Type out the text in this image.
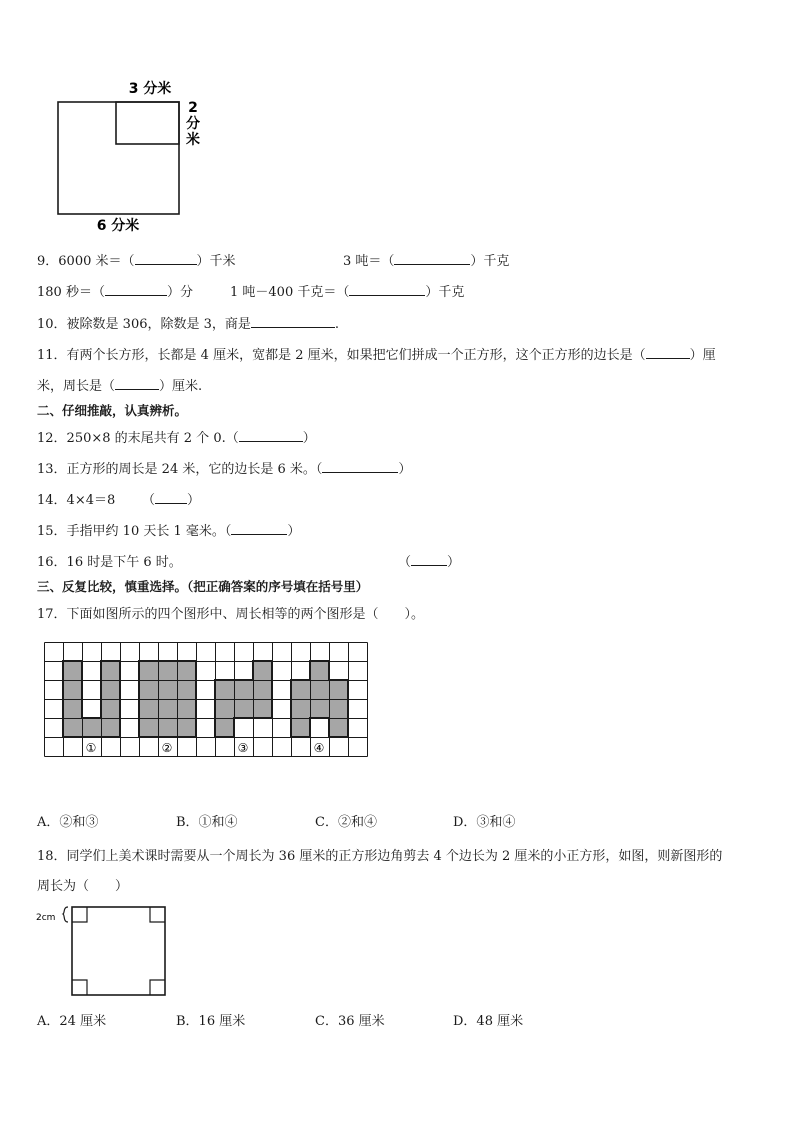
3 分米
2
分
米
6 分米
9．6000 米＝（	）千米	3 吨＝（	）千克
180 秒＝（	）分	1 吨－400 千克＝（	）千克
10．被除数是 306，除数是 3，商是	.
11．有两个长方形，长都是 4 厘米，宽都是 2 厘米，如果把它们拼成一个正方形，这个正方形的边长是（	）厘
米，周长是（	）厘米.
二、仔细推敲，认真辨析。
12．250×8 的末尾共有 2 个 0.（	）
13．正方形的周长是 24 米，它的边长是 6 米。（	）
14．4×4＝8 （ ）
15．手指甲约 10 天长 1 毫米。（	）
16．16 时是下午 6 时。	（	）
三、反复比较，慎重选择。（把正确答案的序号填在括号里）
17．下面如图所示的四个图形中、周长相等的两个图形是（　　）。
①	②	③	④
A．②和③	B．①和④	C．②和④	D．③和④
18．同学们上美术课时需要从一个周长为 36 厘米的正方形边角剪去 4 个边长为 2 厘米的小正方形，如图，则新图形的
周长为（　　）
2cm
A．24 厘米	B．16 厘米	C．36 厘米	D．48 厘米
